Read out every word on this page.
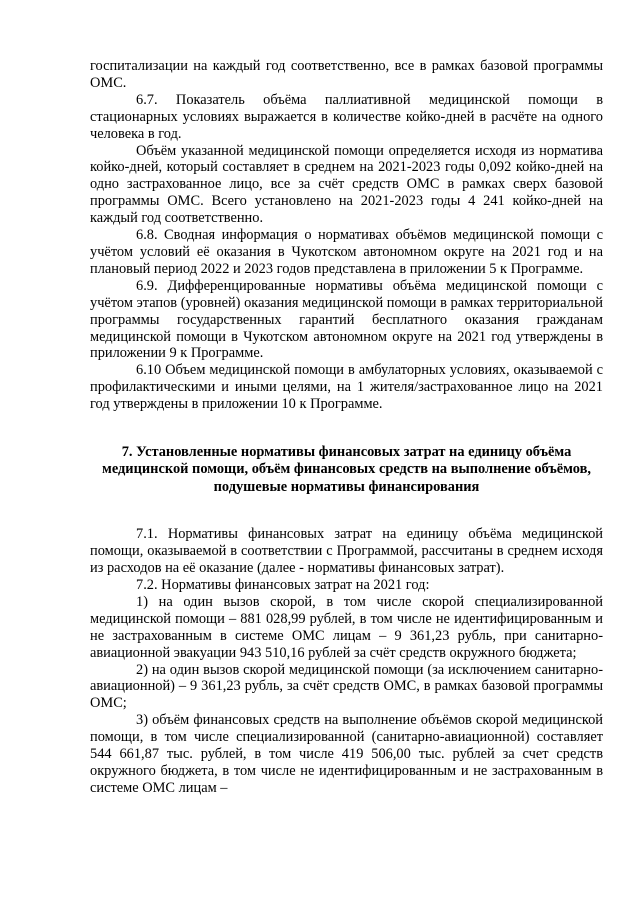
госпитализации на каждый год соответственно, все в рамках базовой программы ОМС.

6.7. Показатель объёма паллиативной медицинской помощи в стационарных условиях выражается в количестве койко-дней в расчёте на одного человека в год.

Объём указанной медицинской помощи определяется исходя из норматива койко-дней, который составляет в среднем на 2021-2023 годы 0,092 койко-дней на одно застрахованное лицо, все за счёт средств ОМС в рамках сверх базовой программы ОМС. Всего установлено на 2021-2023 годы 4 241 койко-дней на каждый год соответственно.

6.8. Сводная информация о нормативах объёмов медицинской помощи с учётом условий её оказания в Чукотском автономном округе на 2021 год и на плановый период 2022 и 2023 годов представлена в приложении 5 к Программе.

6.9. Дифференцированные нормативы объёма медицинской помощи с учётом этапов (уровней) оказания медицинской помощи в рамках территориальной программы государственных гарантий бесплатного оказания гражданам медицинской помощи в Чукотском автономном округе на 2021 год утверждены в приложении 9 к Программе.

6.10 Объем медицинской помощи в амбулаторных условиях, оказываемой с профилактическими и иными целями, на 1 жителя/застрахованное лицо на 2021 год утверждены в приложении 10 к Программе.

7. Установленные нормативы финансовых затрат на единицу объёма медицинской помощи, объём финансовых средств на выполнение объёмов, подушевые нормативы финансирования

7.1. Нормативы финансовых затрат на единицу объёма медицинской помощи, оказываемой в соответствии с Программой, рассчитаны в среднем исходя из расходов на её оказание (далее - нормативы финансовых затрат).

7.2. Нормативы финансовых затрат на 2021 год:

1) на один вызов скорой, в том числе скорой специализированной медицинской помощи – 881 028,99 рублей, в том числе не идентифицированным и не застрахованным в системе ОМС лицам – 9 361,23 рубль, при санитарно-авиационной эвакуации 943 510,16 рублей за счёт средств окружного бюджета;

2) на один вызов скорой медицинской помощи (за исключением санитарно-авиационной) – 9 361,23 рубль, за счёт средств ОМС, в рамках базовой программы ОМС;

3) объём финансовых средств на выполнение объёмов скорой медицинской помощи, в том числе специализированной (санитарно-авиационной) составляет 544 661,87 тыс. рублей, в том числе 419 506,00 тыс. рублей за счет средств окружного бюджета, в том числе не идентифицированным и не застрахованным в системе ОМС лицам –
